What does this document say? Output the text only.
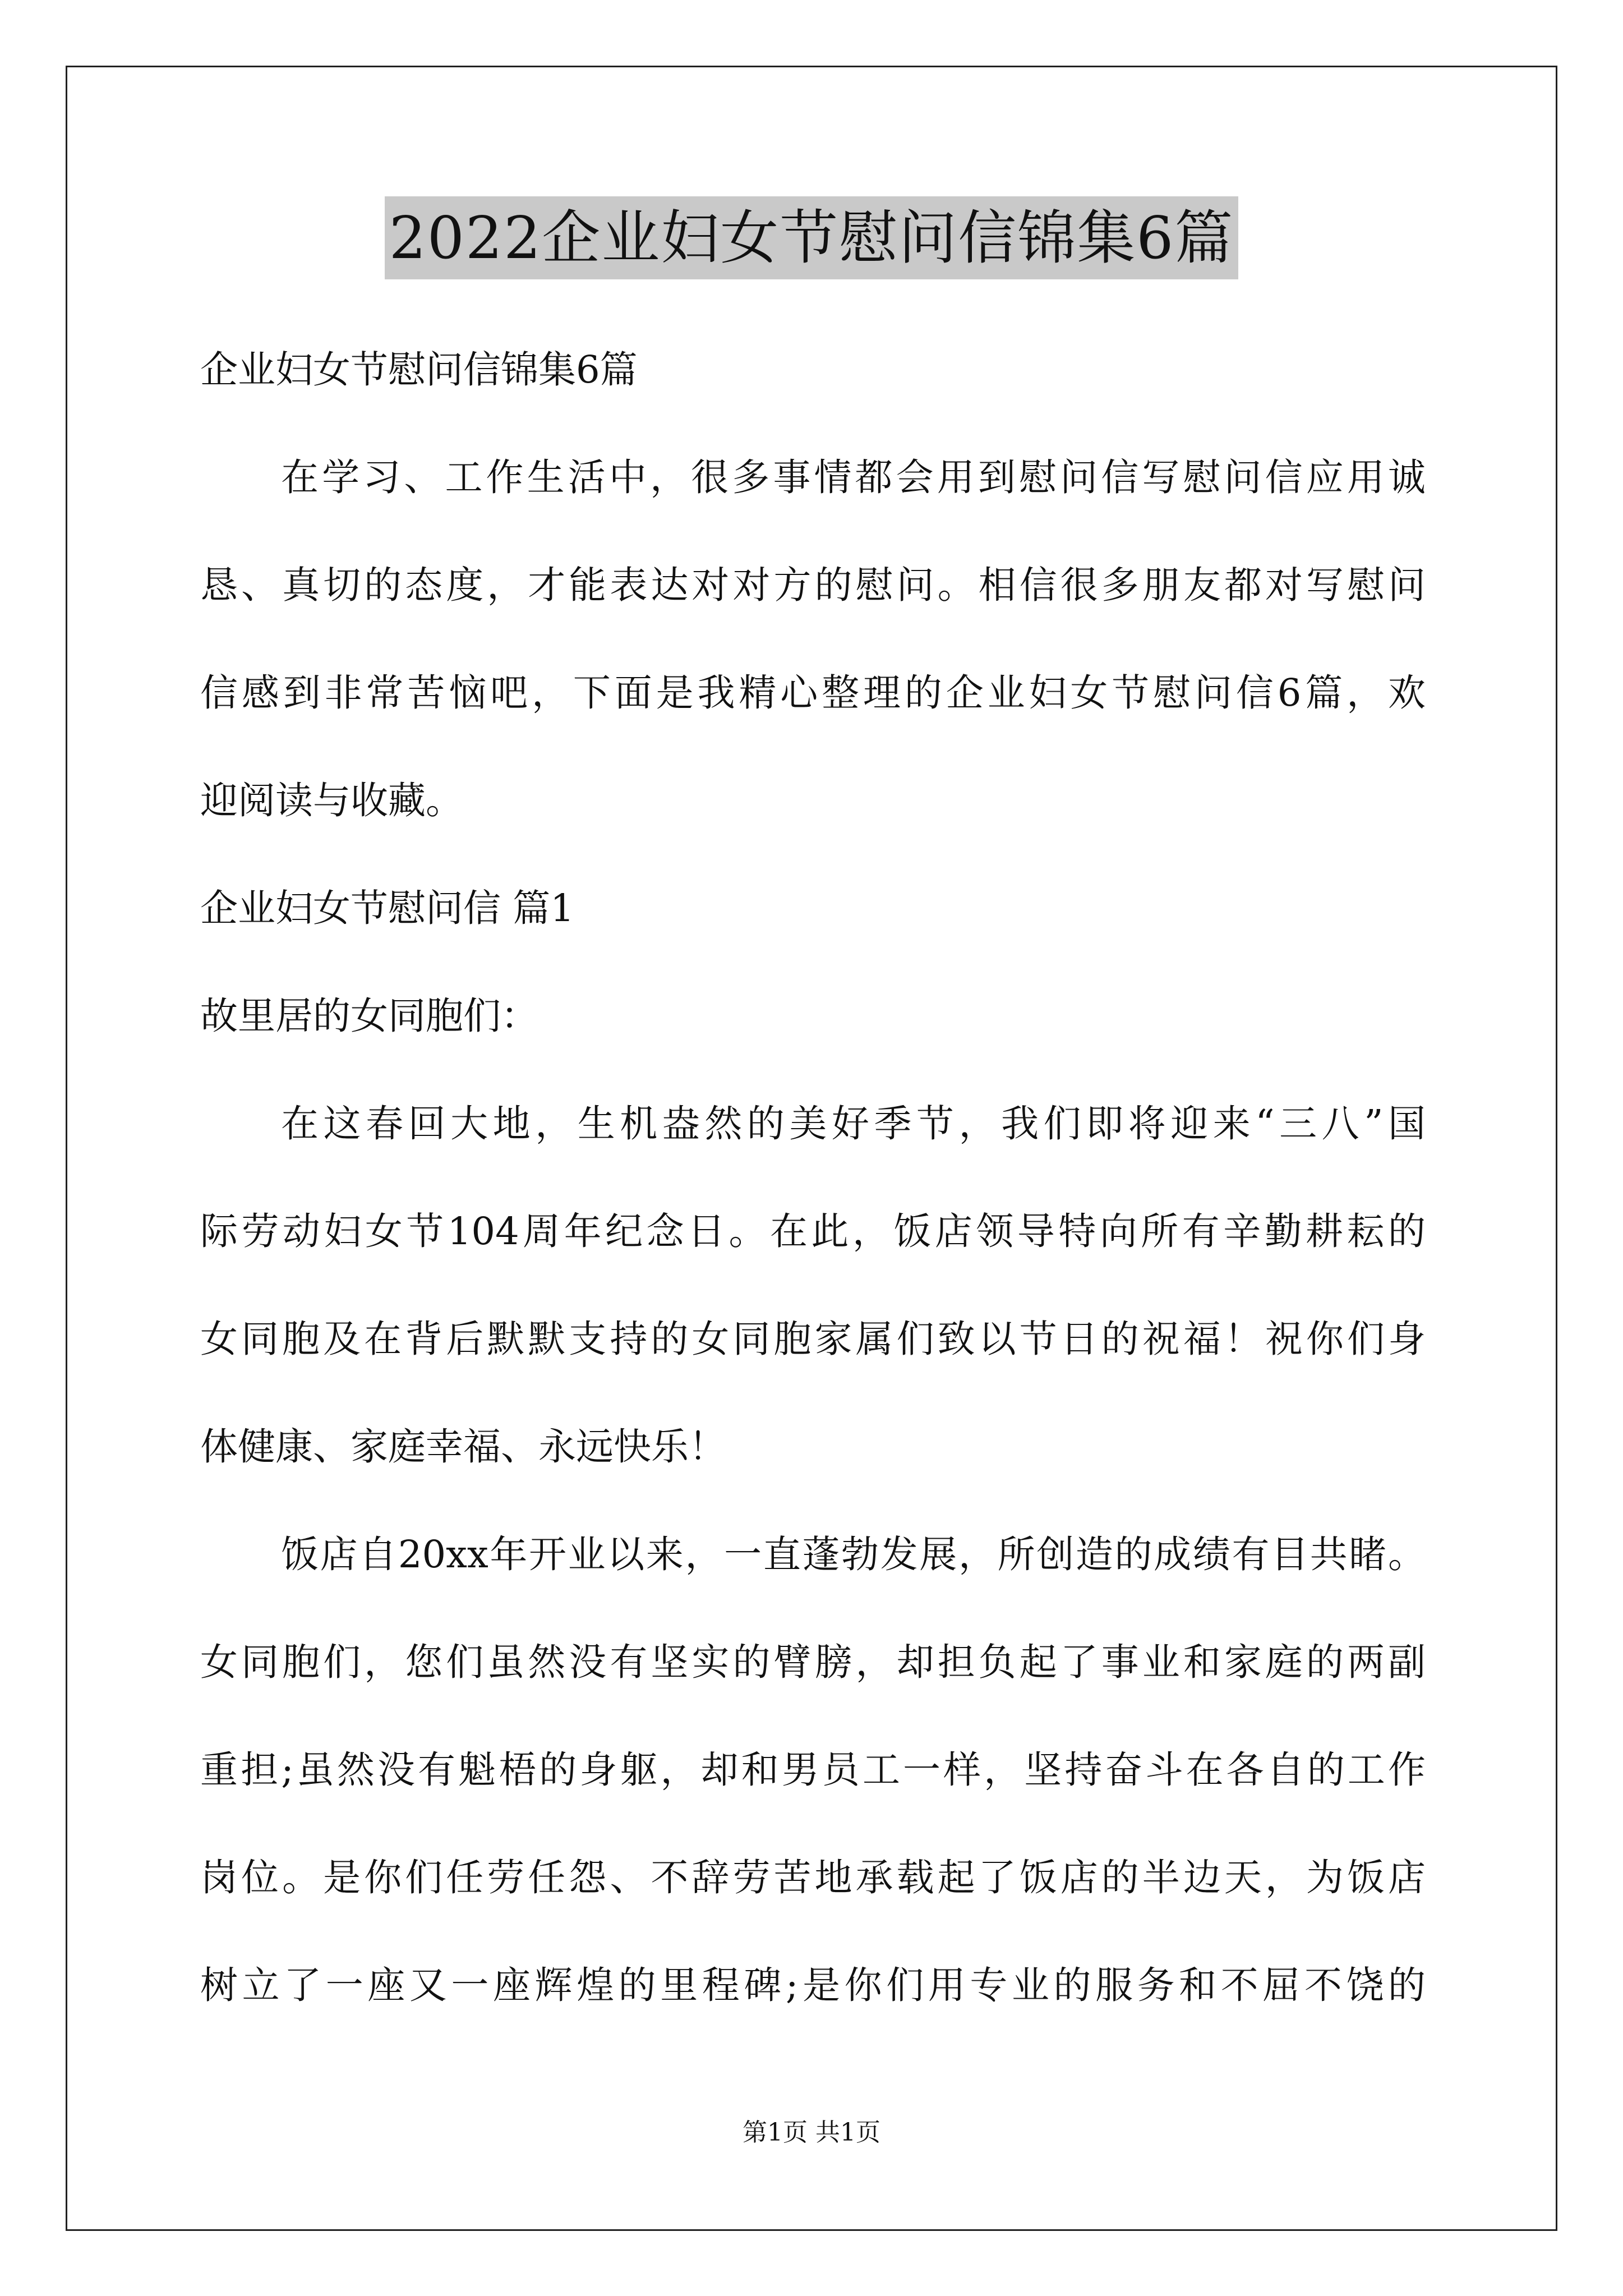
2022企业妇女节慰问信锦集6篇
企业妇女节慰问信锦集6篇
在学习、工作生活中，很多事情都会用到慰问信写慰问信应用诚
恳、真切的态度，才能表达对对方的慰问。相信很多朋友都对写慰问
信感到非常苦恼吧，下面是我精心整理的企业妇女节慰问信6篇，欢
迎阅读与收藏。
企业妇女节慰问信 篇1
故里居的女同胞们：
在这春回大地，生机盎然的美好季节，我们即将迎来“三八”国
际劳动妇女节104周年纪念日。在此，饭店领导特向所有辛勤耕耘的
女同胞及在背后默默支持的女同胞家属们致以节日的祝福！祝你们身
体健康、家庭幸福、永远快乐！
饭店自20xx年开业以来，一直蓬勃发展，所创造的成绩有目共睹。
女同胞们，您们虽然没有坚实的臂膀，却担负起了事业和家庭的两副
重担;虽然没有魁梧的身躯，却和男员工一样，坚持奋斗在各自的工作
岗位。是你们任劳任怨、不辞劳苦地承载起了饭店的半边天，为饭店
树立了一座又一座辉煌的里程碑;是你们用专业的服务和不屈不饶的
第1页 共1页
